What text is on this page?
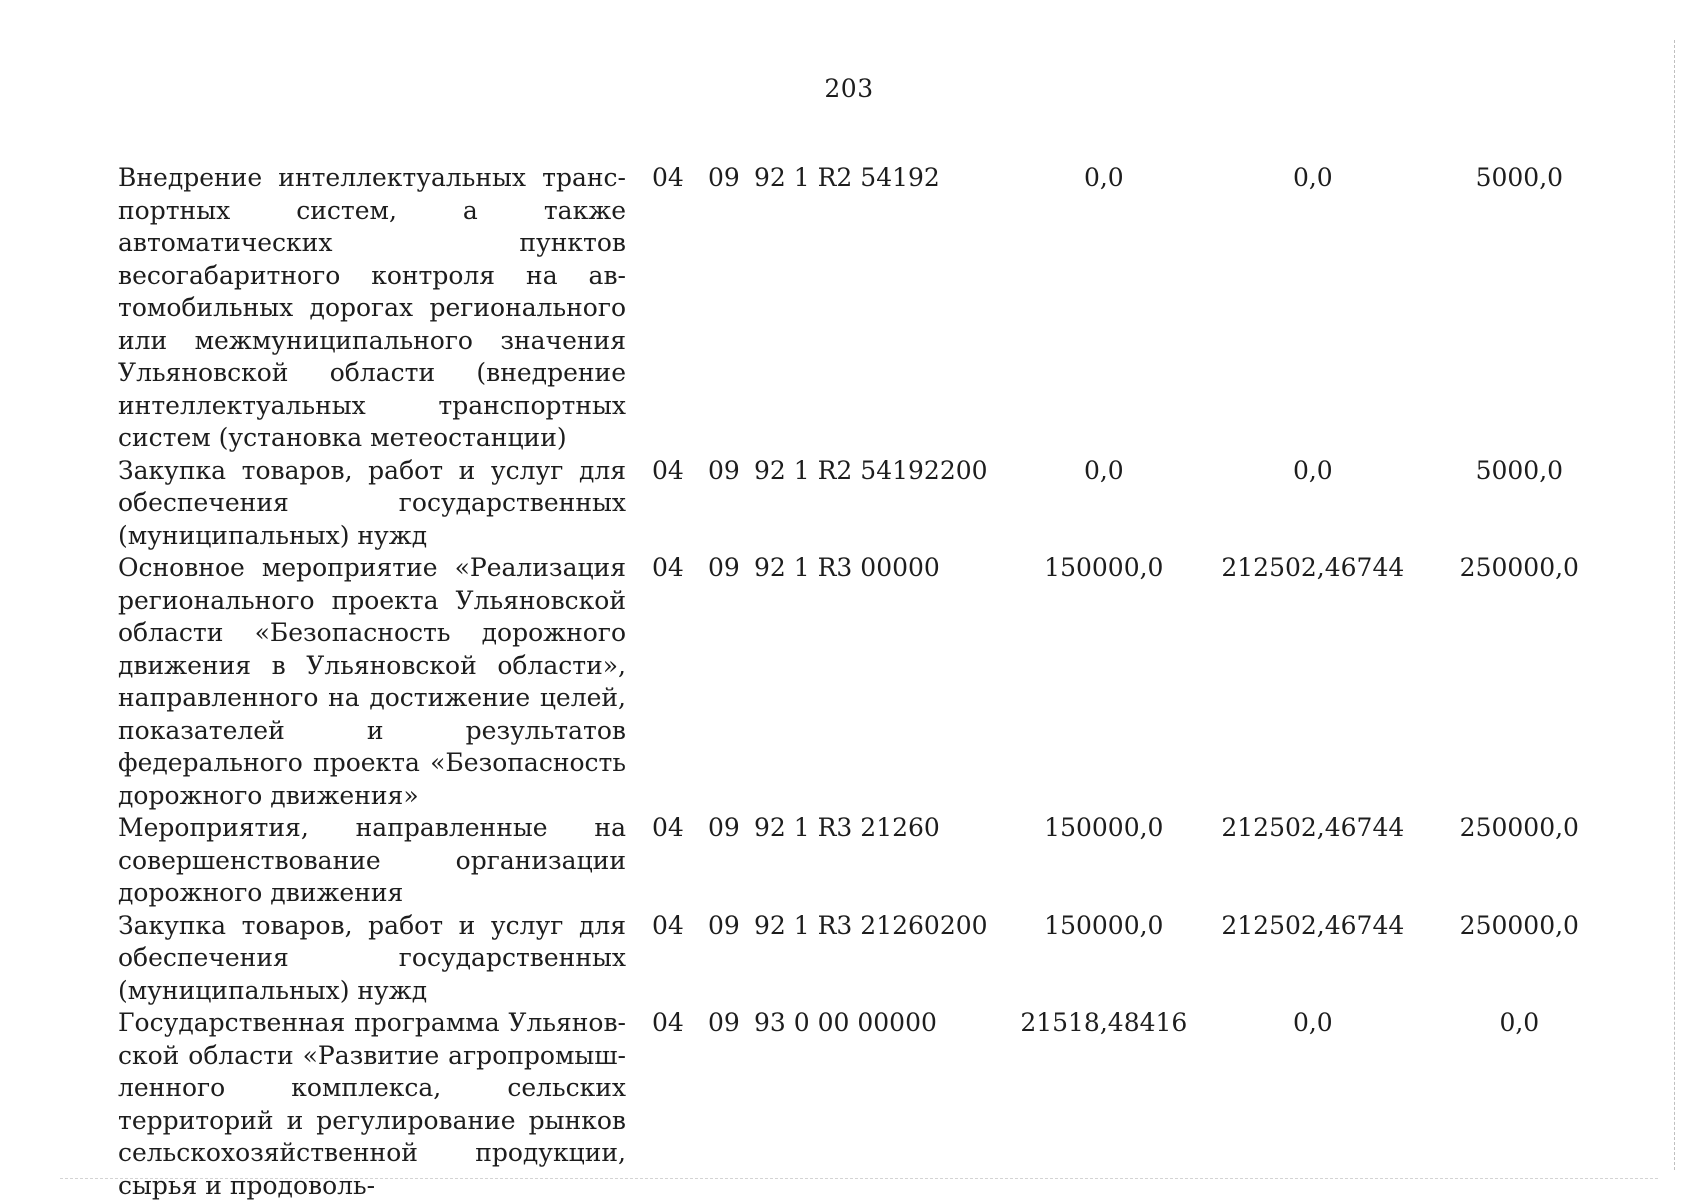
203
Внедрение интеллектуальных транспортных систем, а также автоматических пунктов весогабаритного контроля на автомобильных дорогах регионального или межмуниципального значения Ульяновской области (внедрение интеллектуальных транспортных систем (установка метеостанции)	04	09	92 1 R2 54192		0,0	0,0	5000,0
Закупка товаров, работ и услуг для обеспечения государственных (муниципальных) нужд	04	09	92 1 R2 54192	200	0,0	0,0	5000,0
Основное мероприятие «Реализация регионального проекта Ульяновской области «Безопасность дорожного движения в Ульяновской области», направленного на достижение целей, показателей и результатов федерального проекта «Безопасность дорожного движения»	04	09	92 1 R3 00000		150000,0	212502,46744	250000,0
Мероприятия, направленные на совершенствование организации дорожного движения	04	09	92 1 R3 21260		150000,0	212502,46744	250000,0
Закупка товаров, работ и услуг для обеспечения государственных (муниципальных) нужд	04	09	92 1 R3 21260	200	150000,0	212502,46744	250000,0
Государственная программа Ульяновской области «Развитие агропромышленного комплекса, сельских территорий и регулирование рынков сельскохозяйственной продукции, сырья и продоволь-	04	09	93 0 00 00000		21518,48416	0,0	0,0
